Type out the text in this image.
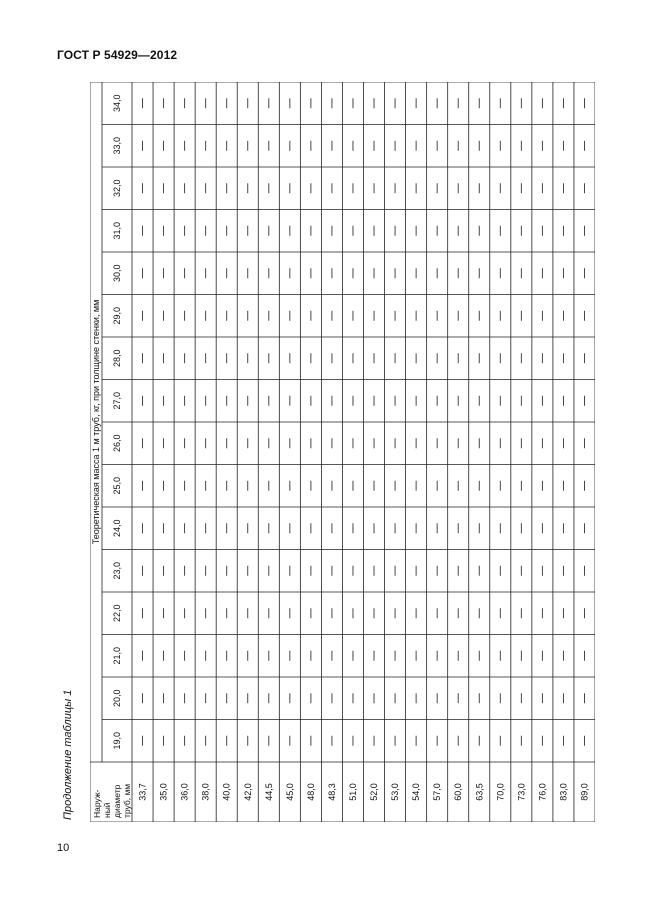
ГОСТ Р 54929—2012
Продолжение таблицы 1
Теоретическая масса 1 м труб, кг, при толщине стенки, мм
19,0
20,0
21,0
22,0
23,0
24,0
25,0
26,0
27,0
28,0
29,0
30,0
31,0
32,0
33,0
34,0
Наруж- ный диаметр труб, мм 33,7 35,0 36,0 38,0 40,0 42,0 44,5 45,0 48,0 48,3 51,0 52,0 53,0 54,0 57,0 60,0 63,5 70,0 73,0 76,0 83,0 89,0
10
